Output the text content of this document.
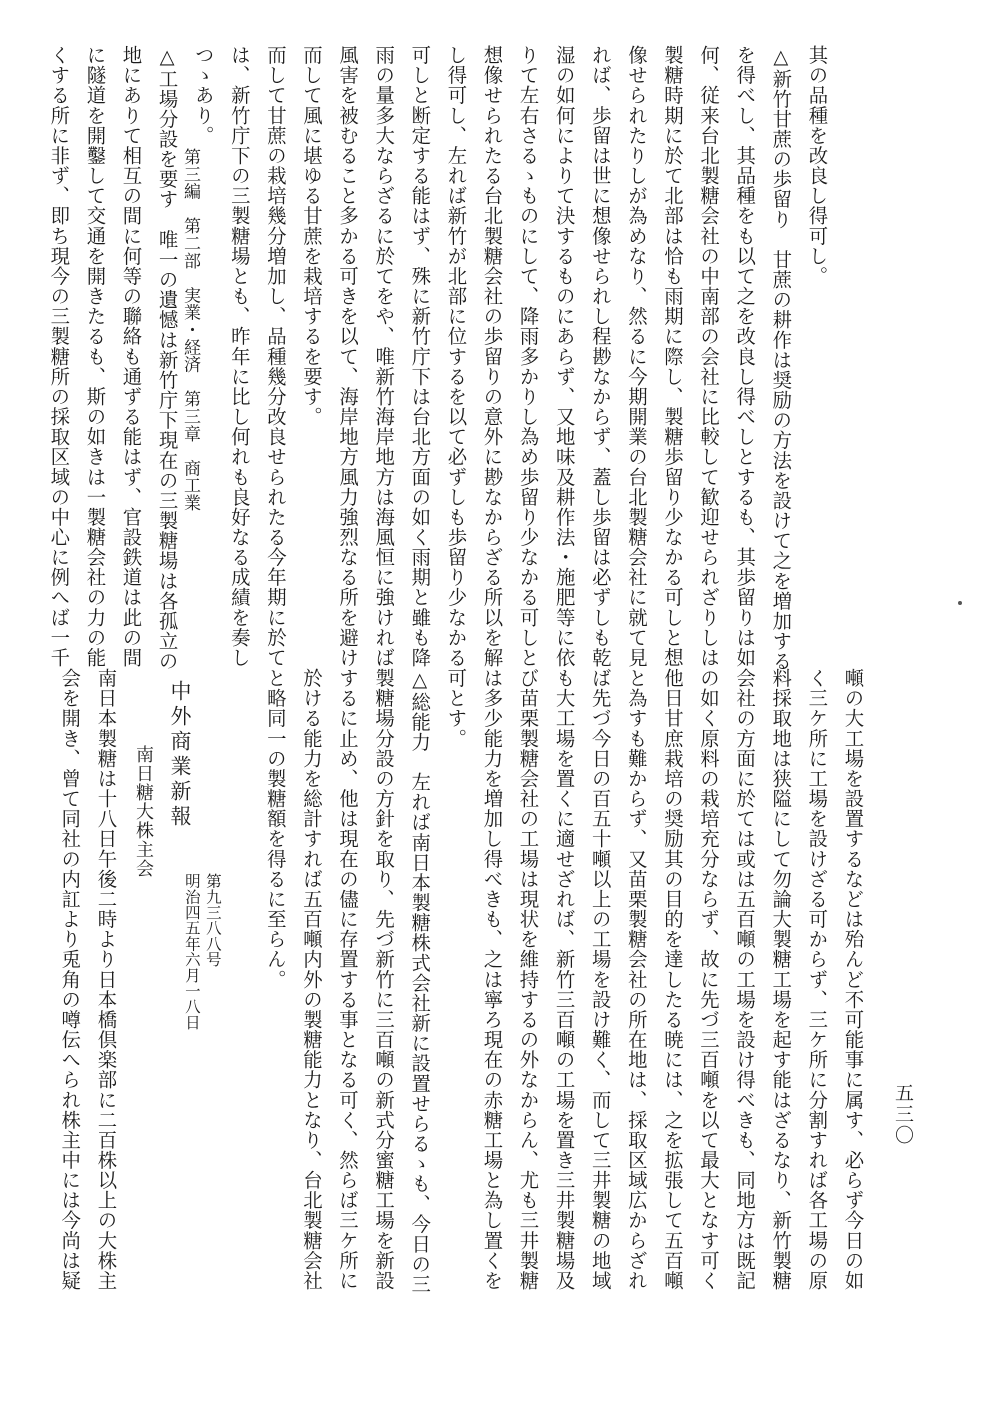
第三編　第二部　実業・経済　第三章　商工業
五三〇
其の品種を改良し得可し。
△新竹甘蔗の歩留り　甘蔗の耕作は奨励の方法を設けて之を増加する
を得べし、其品種をも以て之を改良し得べしとするも、其歩留りは如
何、従来台北製糖会社の中南部の会社に比較して歓迎せられざりしは
製糖時期に於て北部は恰も雨期に際し、製糖歩留り少なかる可しと想
像せられたりしが為めなり、然るに今期開業の台北製糖会社に就て見
れば、歩留は世に想像せられし程尠なからず、蓋し歩留は必ずしも乾
湿の如何によりて決するものにあらず、又地味及耕作法・施肥等に依
りて左右さるゝものにして、降雨多かりし為め歩留り少なかる可しと
想像せられたる台北製糖会社の歩留りの意外に尠なからざる所以を解
し得可し、左れば新竹が北部に位するを以て必ずしも歩留り少なかる
可しと断定する能はず、殊に新竹庁下は台北方面の如く雨期と雖も降
雨の量多大ならざるに於てをや、唯新竹海岸地方は海風恒に強ければ
風害を被むること多かる可きを以て、海岸地方風力強烈なる所を避け
而して風に堪ゆる甘蔗を栽培するを要す。
而して甘蔗の栽培幾分増加し、品種幾分改良せられたる今年期に於て
は、新竹庁下の三製糖場とも、昨年に比し何れも良好なる成績を奏し
つゝあり。
△工場分設を要す　唯一の遺憾は新竹庁下現在の三製糖場は各孤立の
地にありて相互の間に何等の聯絡も通ずる能はず、官設鉄道は此の間
に隧道を開鑿して交通を開きたるも、斯の如きは一製糖会社の力の能
くする所に非ず、即ち現今の三製糖所の採取区域の中心に例へば一千
噸の大工場を設置するなどは殆んど不可能事に属す、必らず今日の如
く三ケ所に工場を設けざる可からず、三ケ所に分割すれば各工場の原
料採取地は狭隘にして勿論大製糖工場を起す能はざるなり、新竹製糖
会社の方面に於ては或は五百噸の工場を設け得べきも、同地方は既記
の如く原料の栽培充分ならず、故に先づ三百噸を以て最大となす可く
他日甘庶栽培の奨励其の目的を達したる暁には、之を拡張して五百噸
と為すも難からず、又苗栗製糖会社の所在地は、採取区域広からざれ
ば先づ今日の百五十噸以上の工場を設け難く、而して三井製糖の地域
も大工場を置くに適せざれば、新竹三百噸の工場を置き三井製糖場及
び苗栗製糖会社の工場は現状を維持するの外なからん、尤も三井製糖
は多少能力を増加し得べきも、之は寧ろ現在の赤糖工場と為し置くを
可とす。
△総能力　左れば南日本製糖株式会社新に設置せらるゝも、今日の三
製糖場分設の方針を取り、先づ新竹に三百噸の新式分蜜糖工場を新設
するに止め、他は現在の儘に存置する事となる可く、然らば三ケ所に
於ける能力を総計すれば五百噸内外の製糖能力となり、台北製糖会社
と略同一の製糖額を得るに至らん。
中外商業新報
第九三八八号
明治四五年六月一八日
南日糖大株主会
南日本製糖は十八日午後二時より日本橋倶楽部に二百株以上の大株主
会を開き、曾て同社の内訌より兎角の噂伝へられ株主中には今尚は疑
